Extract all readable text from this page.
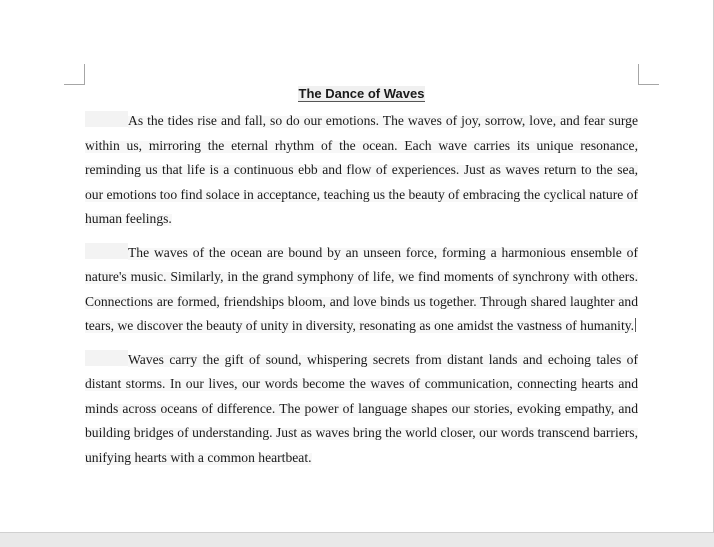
The Dance of Waves

As the tides rise and fall, so do our emotions. The waves of joy, sorrow, love, and fear surge within us, mirroring the eternal rhythm of the ocean. Each wave carries its unique resonance, reminding us that life is a continuous ebb and flow of experiences. Just as waves return to the sea, our emotions too find solace in acceptance, teaching us the beauty of embracing the cyclical nature of human feelings.

The waves of the ocean are bound by an unseen force, forming a harmonious ensemble of nature's music. Similarly, in the grand symphony of life, we find moments of synchrony with others. Connections are formed, friendships bloom, and love binds us together. Through shared laughter and tears, we discover the beauty of unity in diversity, resonating as one amidst the vastness of humanity.

Waves carry the gift of sound, whispering secrets from distant lands and echoing tales of distant storms. In our lives, our words become the waves of communication, connecting hearts and minds across oceans of difference. The power of language shapes our stories, evoking empathy, and building bridges of understanding. Just as waves bring the world closer, our words transcend barriers, unifying hearts with a common heartbeat.
